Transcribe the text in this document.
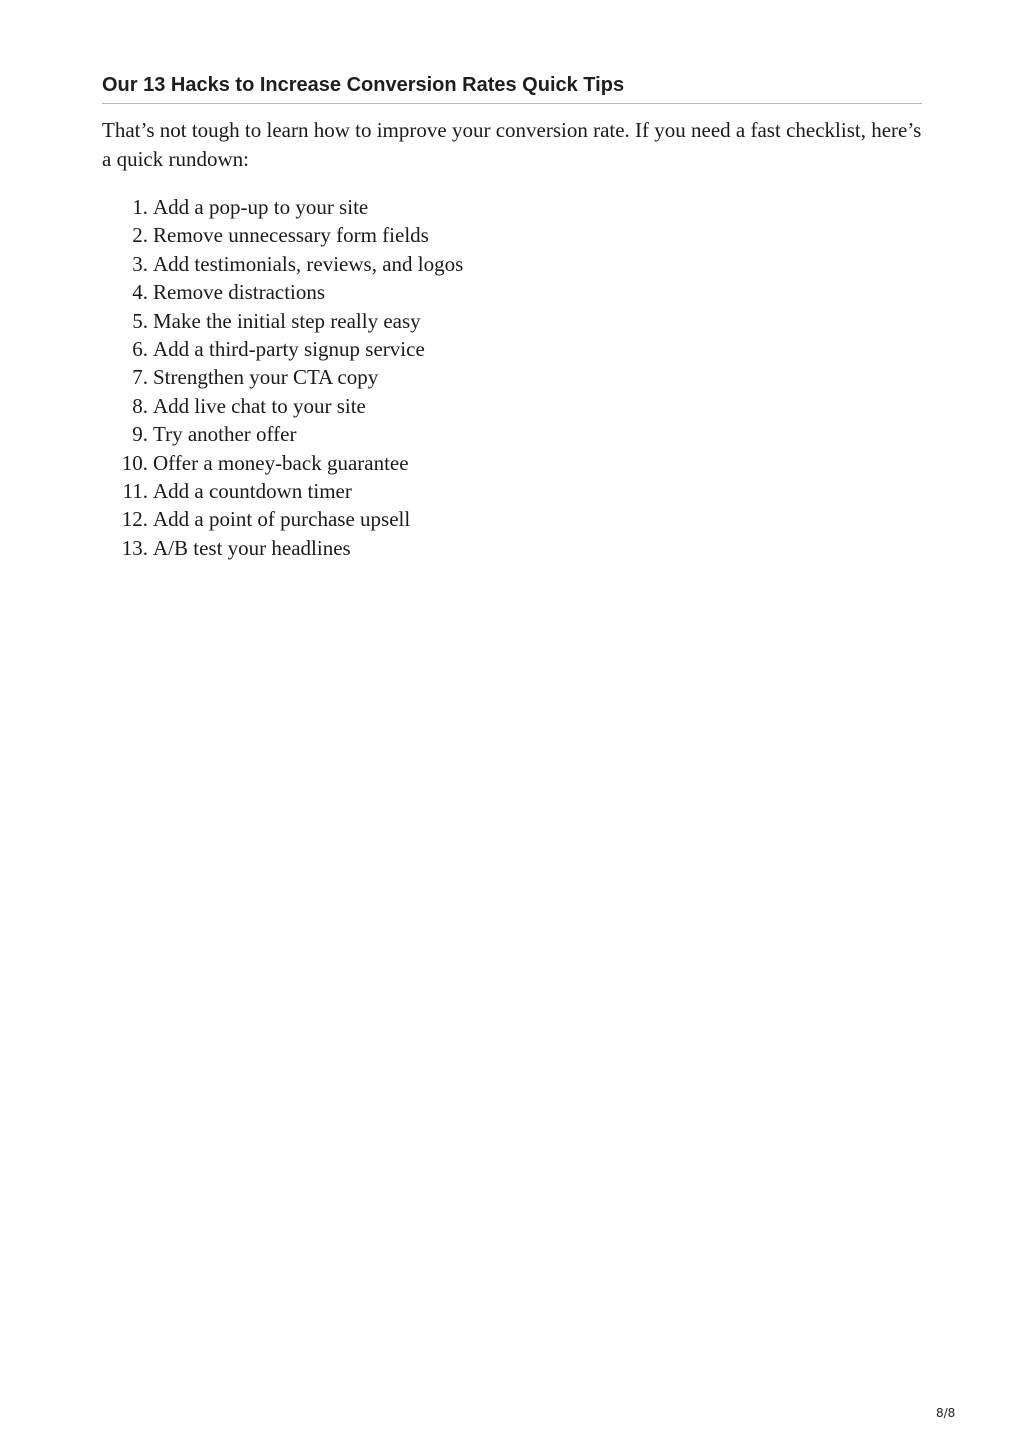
Our 13 Hacks to Increase Conversion Rates Quick Tips

That’s not tough to learn how to improve your conversion rate. If you need a fast checklist, here’s a quick rundown:

1. Add a pop-up to your site
2. Remove unnecessary form fields
3. Add testimonials, reviews, and logos
4. Remove distractions
5. Make the initial step really easy
6. Add a third-party signup service
7. Strengthen your CTA copy
8. Add live chat to your site
9. Try another offer
10. Offer a money-back guarantee
11. Add a countdown timer
12. Add a point of purchase upsell
13. A/B test your headlines
8/8
